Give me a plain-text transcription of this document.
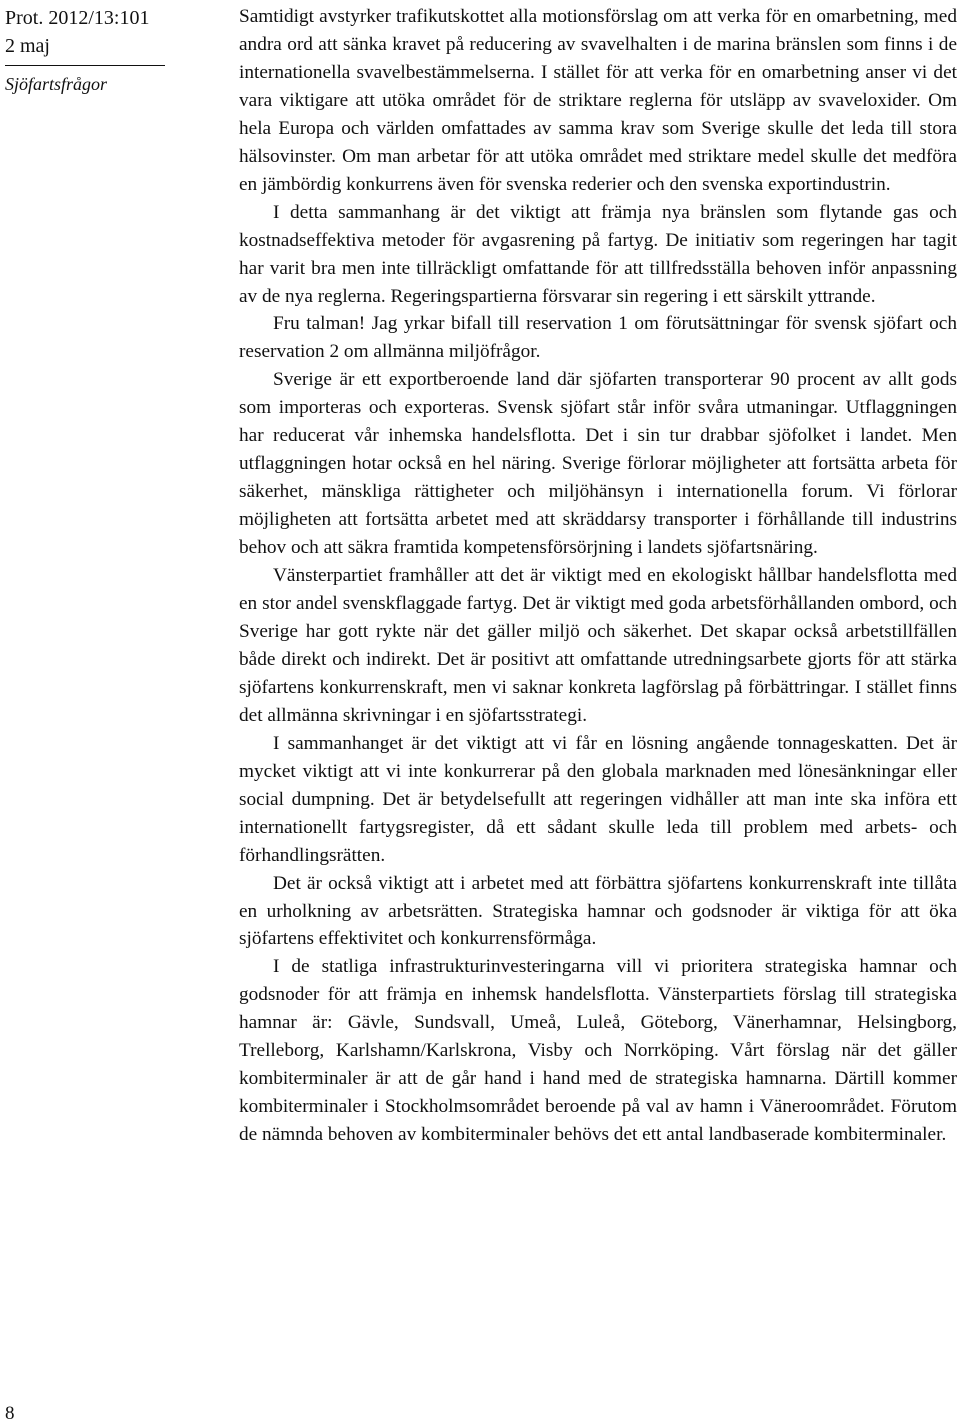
Prot. 2012/13:101
2 maj
Sjöfartsfrågor
8

Samtidigt avstyrker trafikutskottet alla motionsförslag om att verka för en omarbetning, med andra ord att sänka kravet på reducering av svavelhalten i de marina bränslen som finns i de internationella svavelbestämmelserna. I stället för att verka för en omarbetning anser vi det vara viktigare att utöka området för de striktare reglerna för utsläpp av svaveloxider. Om hela Europa och världen omfattades av samma krav som Sverige skulle det leda till stora hälsovinster. Om man arbetar för att utöka området med striktare medel skulle det medföra en jämbördig konkurrens även för svenska rederier och den svenska exportindustrin.

I detta sammanhang är det viktigt att främja nya bränslen som flytande gas och kostnadseffektiva metoder för avgasrening på fartyg. De initiativ som regeringen har tagit har varit bra men inte tillräckligt omfattande för att tillfredsställa behoven inför anpassning av de nya reglerna. Regeringspartierna försvarar sin regering i ett särskilt yttrande.

Fru talman! Jag yrkar bifall till reservation 1 om förutsättningar för svensk sjöfart och reservation 2 om allmänna miljöfrågor.

Sverige är ett exportberoende land där sjöfarten transporterar 90 procent av allt gods som importeras och exporteras. Svensk sjöfart står inför svåra utmaningar. Utflaggningen har reducerat vår inhemska handelsflotta. Det i sin tur drabbar sjöfolket i landet. Men utflaggningen hotar också en hel näring. Sverige förlorar möjligheter att fortsätta arbeta för säkerhet, mänskliga rättigheter och miljöhänsyn i internationella forum. Vi förlorar möjligheten att fortsätta arbetet med att skräddarsy transporter i förhållande till industrins behov och att säkra framtida kompetensförsörjning i landets sjöfartsnäring.

Vänsterpartiet framhåller att det är viktigt med en ekologiskt hållbar handelsflotta med en stor andel svenskflaggade fartyg. Det är viktigt med goda arbetsförhållanden ombord, och Sverige har gott rykte när det gäller miljö och säkerhet. Det skapar också arbetstillfällen både direkt och indirekt. Det är positivt att omfattande utredningsarbete gjorts för att stärka sjöfartens konkurrenskraft, men vi saknar konkreta lagförslag på förbättringar. I stället finns det allmänna skrivningar i en sjöfartsstrategi.

I sammanhanget är det viktigt att vi får en lösning angående tonnageskatten. Det är mycket viktigt att vi inte konkurrerar på den globala marknaden med lönesänkningar eller social dumpning. Det är betydelsefullt att regeringen vidhåller att man inte ska införa ett internationellt fartygsregister, då ett sådant skulle leda till problem med arbets- och förhandlingsrätten.

Det är också viktigt att i arbetet med att förbättra sjöfartens konkurrenskraft inte tillåta en urholkning av arbetsrätten. Strategiska hamnar och godsnoder är viktiga för att öka sjöfartens effektivitet och konkurrensförmåga.

I de statliga infrastrukturinvesteringarna vill vi prioritera strategiska hamnar och godsnoder för att främja en inhemsk handelsflotta. Vänsterpartiets förslag till strategiska hamnar är: Gävle, Sundsvall, Umeå, Luleå, Göteborg, Vänerhamnar, Helsingborg, Trelleborg, Karlshamn/Karlskrona, Visby och Norrköping. Vårt förslag när det gäller kombiterminaler är att de går hand i hand med de strategiska hamnarna. Därtill kommer kombiterminaler i Stockholmsområdet beroende på val av hamn i Väneroområdet. Förutom de nämnda behoven av kombiterminaler behövs det ett antal landbaserade kombiterminaler.
